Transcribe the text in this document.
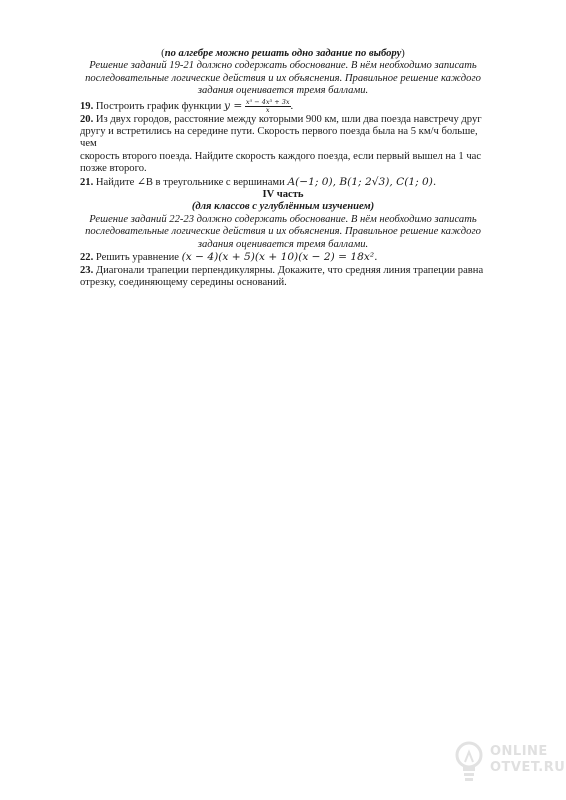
(по алгебре можно решать одно задание по выбору)
Решение заданий 19-21 должно содержать обоснование. В нём необходимо записать
последовательные логические действия и их объяснения. Правильное решение каждого
задания оценивается тремя баллами.
19. Построить график функции $y = \frac{\text{x⁵ − 4x³ + 3x}}{x}$ .
20. Из двух городов, расстояние между которыми 900 км, шли два поезда навстречу друг
другу и встретились на середине пути. Скорость первого поезда была на 5 км/ч больше, чем
скорость второго поезда. Найдите скорость каждого поезда, если первый вышел на 1 час
позже второго.
21. Найдите ∠B в треугольнике с вершинами A(−1; 0), B(1; 2√3), C(1; 0).
IV часть
(для классов с углублённым изучением)
Решение заданий 22-23 должно содержать обоснование. В нём необходимо записать
последовательные логические действия и их объяснения. Правильное решение каждого
задания оценивается тремя баллами.
22. Решить уравнение (x − 4)(x + 5)(x + 10)(x − 2) = 18x².
23. Диагонали трапеции перпендикулярны. Докажите, что средняя линия трапеции равна
отрезку, соединяющему середины оснований.
ONLINE
OTVET.RU
